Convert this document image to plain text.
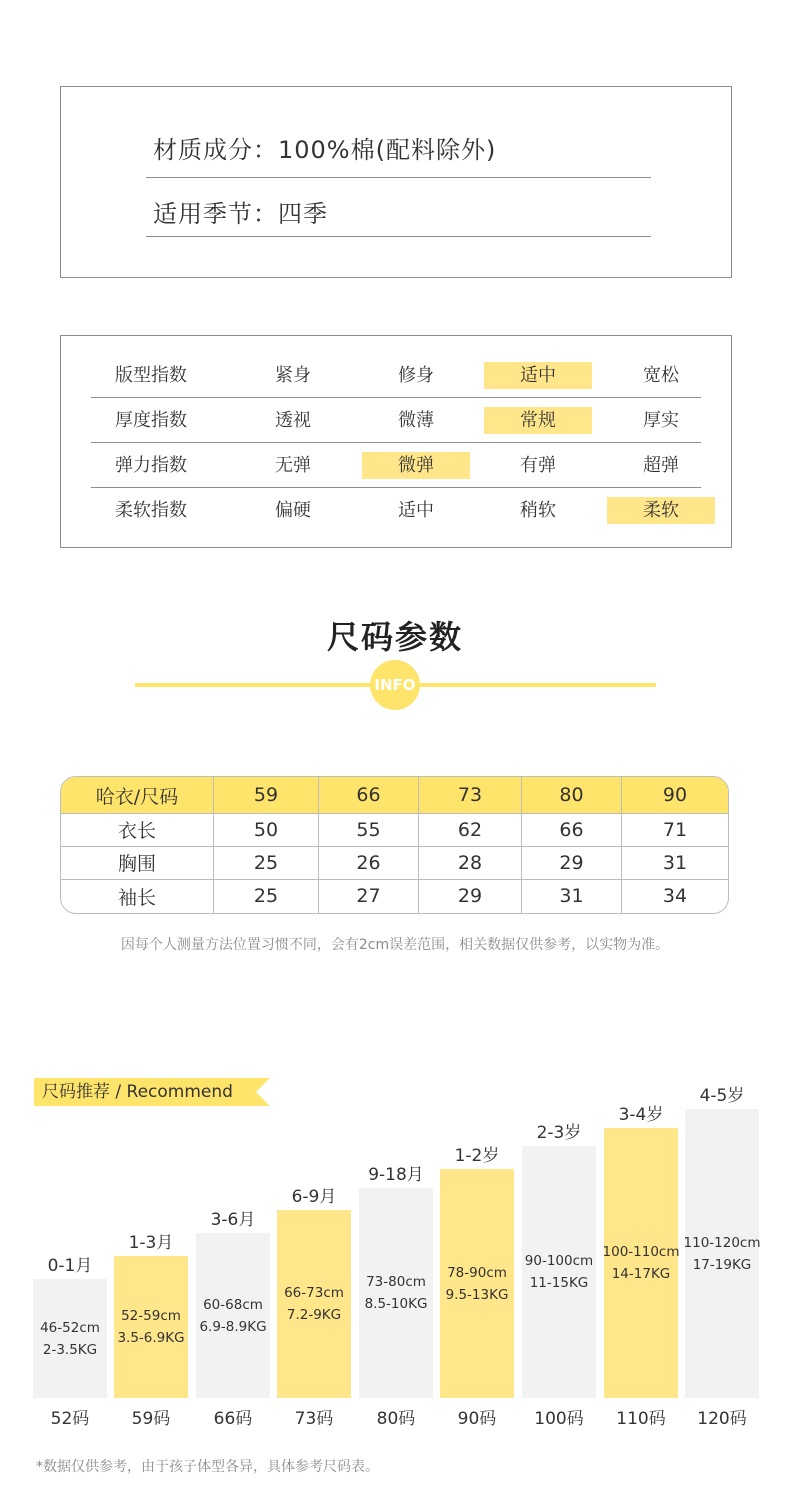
材质成分：100%棉(配料除外)
适用季节：四季
版型指数	紧身	修身	适中	宽松
厚度指数	透视	微薄	常规	厚实
弹力指数	无弹	微弹	有弹	超弹
柔软指数	偏硬	适中	稍软	柔软
尺码参数
INFO
哈衣/尺码	59	66	73	80	90
衣长	50	55	62	66	71
胸围	25	26	28	29	31
袖长	25	27	29	31	34
因每个人测量方法位置习惯不同，会有2cm误差范围，相关数据仅供参考，以实物为准。
尺码推荐 / Recommend
0-1月
46-52cm
2-3.5KG
52码
1-3月
52-59cm
3.5-6.9KG
59码
3-6月
60-68cm
6.9-8.9KG
66码
6-9月
66-73cm
7.2-9KG
73码
9-18月
73-80cm
8.5-10KG
80码
1-2岁
78-90cm
9.5-13KG
90码
2-3岁
90-100cm
11-15KG
100码
3-4岁
100-110cm
14-17KG
110码
4-5岁
110-120cm
17-19KG
120码
*数据仅供参考，由于孩子体型各异，具体参考尺码表。
